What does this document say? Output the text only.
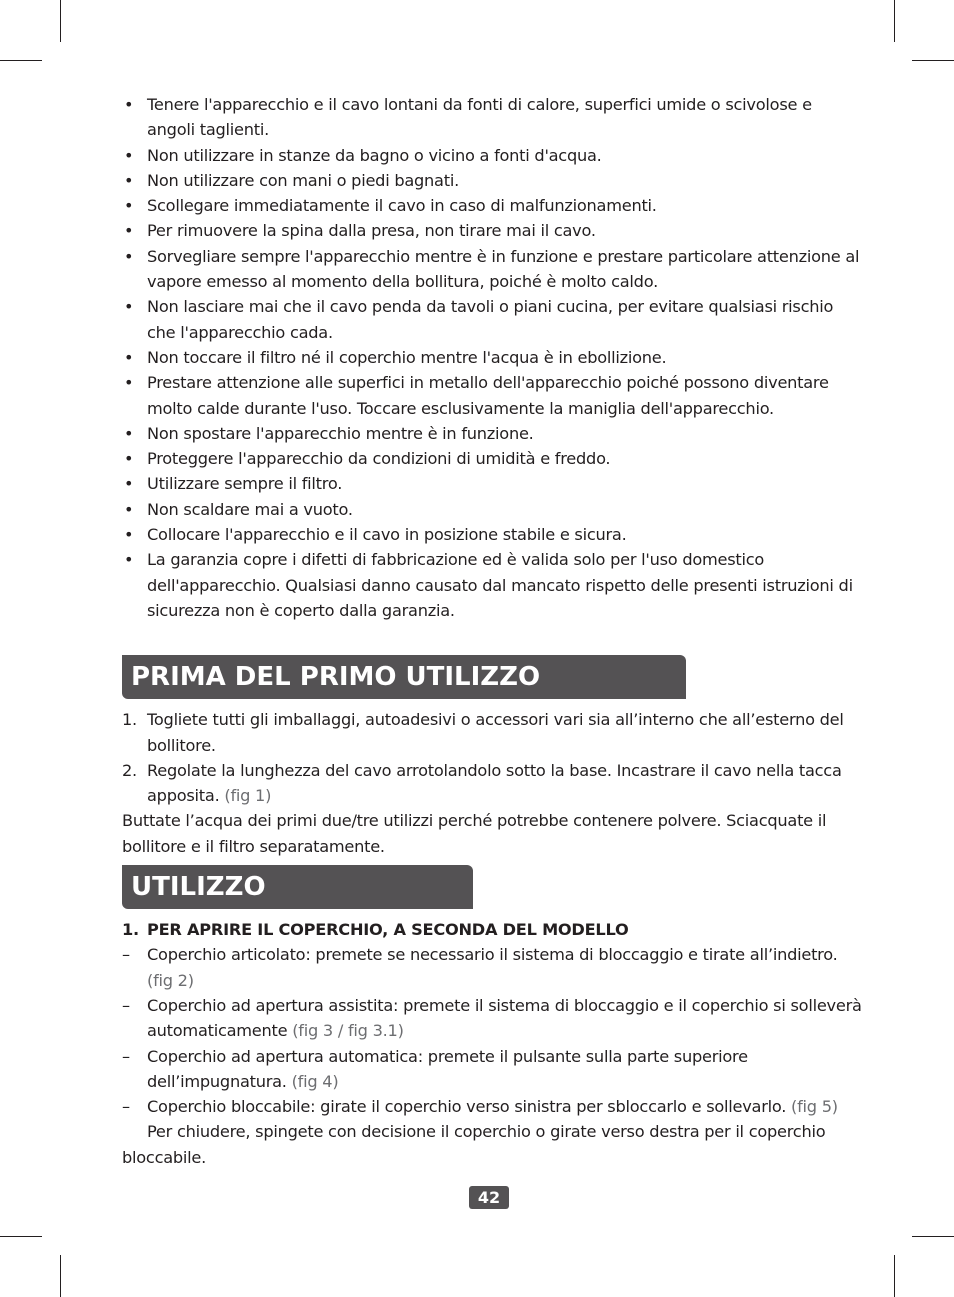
• Tenere l'apparecchio e il cavo lontani da fonti di calore, superfici umide o scivolose e angoli taglienti.
• Non utilizzare in stanze da bagno o vicino a fonti d'acqua.
• Non utilizzare con mani o piedi bagnati.
• Scollegare immediatamente il cavo in caso di malfunzionamenti.
• Per rimuovere la spina dalla presa, non tirare mai il cavo.
• Sorvegliare sempre l'apparecchio mentre è in funzione e prestare particolare attenzione al vapore emesso al momento della bollitura, poiché è molto caldo.
• Non lasciare mai che il cavo penda da tavoli o piani cucina, per evitare qualsiasi rischio che l'apparecchio cada.
• Non toccare il filtro né il coperchio mentre l'acqua è in ebollizione.
• Prestare attenzione alle superfici in metallo dell'apparecchio poiché possono diventare molto calde durante l'uso. Toccare esclusivamente la maniglia dell'apparecchio.
• Non spostare l'apparecchio mentre è in funzione.
• Proteggere l'apparecchio da condizioni di umidità e freddo.
• Utilizzare sempre il filtro.
• Non scaldare mai a vuoto.
• Collocare l'apparecchio e il cavo in posizione stabile e sicura.
• La garanzia copre i difetti di fabbricazione ed è valida solo per l'uso domestico dell'apparecchio. Qualsiasi danno causato dal mancato rispetto delle presenti istruzioni di sicurezza non è coperto dalla garanzia.
PRIMA DEL PRIMO UTILIZZO
1. Togliete tutti gli imballaggi, autoadesivi o accessori vari sia all’interno che all’esterno del bollitore.
2. Regolate la lunghezza del cavo arrotolandolo sotto la base. Incastrare il cavo nella tacca apposita. (fig 1)
Buttate l’acqua dei primi due/tre utilizzi perché potrebbe contenere polvere. Sciacquate il bollitore e il filtro separatamente.
UTILIZZO
1. PER APRIRE IL COPERCHIO, A SECONDA DEL MODELLO
– Coperchio articolato: premete se necessario il sistema di bloccaggio e tirate all’indietro. (fig 2)
– Coperchio ad apertura assistita: premete il sistema di bloccaggio e il coperchio si solleverà automaticamente (fig 3 / fig 3.1)
– Coperchio ad apertura automatica: premete il pulsante sulla parte superiore dell’impugnatura. (fig 4)
– Coperchio bloccabile: girate il coperchio verso sinistra per sbloccarlo e sollevarlo. (fig 5)
Per chiudere, spingete con decisione il coperchio o girate verso destra per il coperchio
bloccabile.
42
